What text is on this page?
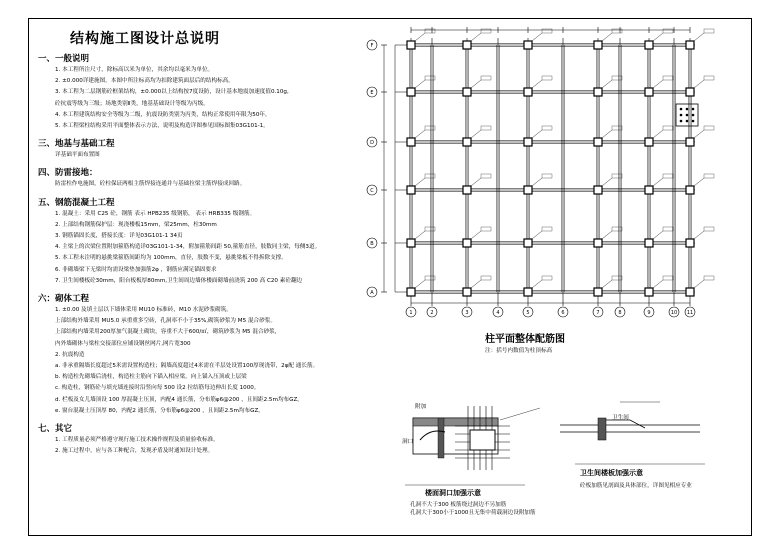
结构施工图设计总说明
一、一般说明
1. 本工程所注尺寸，除标高以米为单位，其余均以毫米为单位。
2. ±0.000详建施图。本图中所注标高均为扣除建筑面层后的结构标高。
3. 本工程为二层钢筋砼框架结构，±0.000以上结构按7度设防，设计基本地震加速度值0.10g,
砼抗震等级为三级；场地类别Ⅱ类，地基基础设计等级为丙级。
4. 本工程建筑结构安全等级为二级，抗震设防类别为丙类，结构正常使用年限为50年。
5. 本工程梁柱结构采用平面整体表示方法，说明及构造详图参见国标图集03G101-1。
三、地基与基础工程
详基础平面布置图
四、防雷接地：
防雷柱作电施图，砼柱保证两根主筋焊接连通并与基础拉梁主筋焊接成回路。
五、钢筋混凝土工程
1. 混凝土：采用 C25 砼，钢筋 表示 HPB235 级钢筋， 表示 HRB335 级钢筋。
2. 上部结构钢筋保护层：现浇楼板15mm，梁25mm，柱30mm
3. 钢筋锚固长度，搭接长度：详见03G101-1 34页
4. 主梁上的次梁位置附加箍筋构造详03G101-1-34，附加箍筋间距 50,箍筋直径，肢数同主梁，每侧3道。
5. 本工程未注明的悬挑梁箍筋间距均为 100mm，直径，肢数不变，悬挑梁板不得拆除支撑。
6. 非砌墙梁下无梁时均需设梁垫加强筋2φ ，钢筋应满足锚固要求
7. 卫生间楼板砼30mm，阳台板板厚80mm,卫生间周边墙体楼面砌墙前浇筑 200 高 C20 素砼翻边
六：砌体工程
1. ±0.00 及填土层以下墙体采用 MU10 标准砖，M10 水泥砂浆砌筑。
上部结构外墙采用 MU5.0 承重重多空砖，孔洞率不小于35%,砌筑砂浆为 M5 混合砂浆。
上部结构内墙采用200厚加气混凝土砌块，容重不大于600/㎡，砌筑砂浆为 M5 混合砂浆，
内外墙砌体与梁柱交接部位应铺设钢丝网片,网片宽300
2. 抗震构造
a. 非承重隔墙长度超过5米需设置构造柱；隔墙高度超过4米需在半层处设置100厚现浇带，2φ配 通长筋。
b. 构造柱先砌墙后浇柱，构造柱主筋向下锚入相应梁，向上锚入压顶或上层梁
c. 构造柱，钢筋砼与填充墙连接时沿竖向每 500 设2 拉结筋每边伸出长度 1000。
d. 栏板及女儿墙顶设 100 厚混凝土压顶，内配4 通长筋，分布筋φ6@200 ，且间距2.5m均布GZ。
e. 窗台混凝土压顶厚 80，内配2 通长筋，分布筋φ6@200 ，且间距2.5m均布GZ。
七、其它
1. 工程质量必须严格遵守现行施工技术操作规程及质量验收标准。
2. 施工过程中，应与各工种配合，发现矛盾及时通知设计处理。
1	2	3	4	5	6	7	8	9	10 11
F
E
D
C
B
A
柱平面整体配筋图
注：括号内数值为柱顶标高
附加
洞口
楼面洞口加强示意
孔洞不大于300 板筋绕过洞边不另加筋
孔洞大于300小于1000且无集中荷载洞边设附加筋
卫生间
卫生间楼板加强示意
砼板加筋见剖面及具体部位，详图见相应专业
